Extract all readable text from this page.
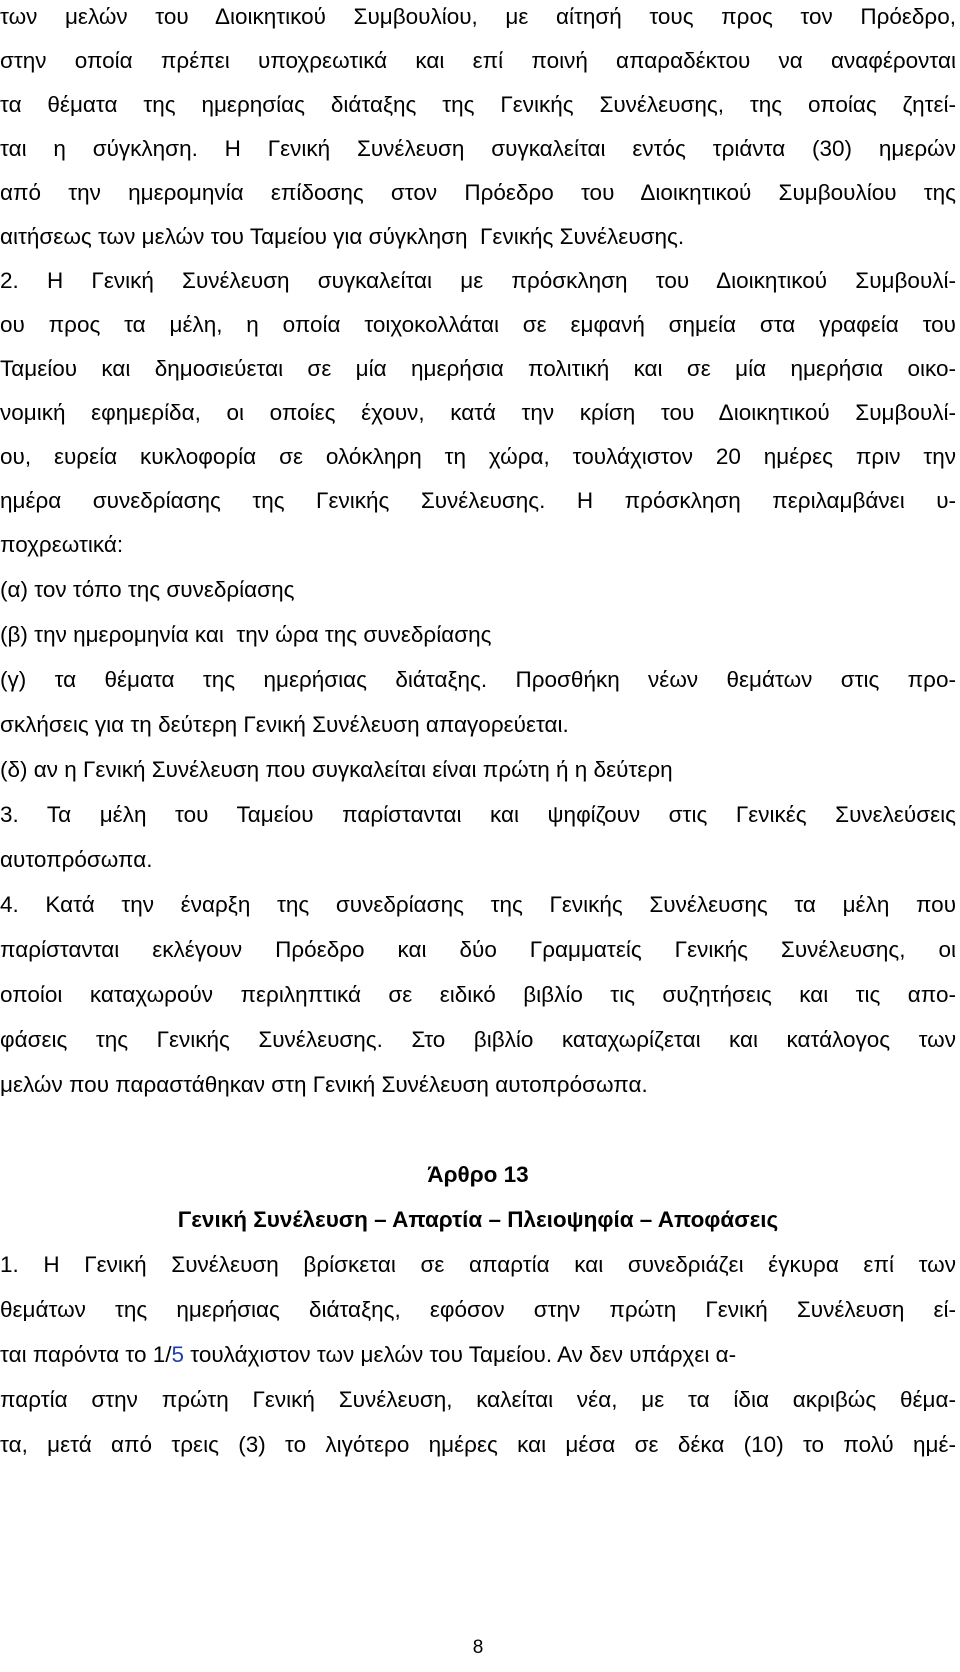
των μελών του Διοικητικού Συμβουλίου, με αίτησή τους προς τον Πρόεδρο,
στην οποία πρέπει υποχρεωτικά και επί ποινή απαραδέκτου να αναφέρονται
τα θέματα της ημερησίας διάταξης της Γενικής Συνέλευσης, της οποίας ζητεί-
ται η σύγκληση. Η Γενική Συνέλευση συγκαλείται εντός τριάντα (30) ημερών
από την ημερομηνία επίδοσης στον Πρόεδρο του Διοικητικού Συμβουλίου της
αιτήσεως των μελών του Ταμείου για σύγκληση  Γενικής Συνέλευσης.
2. Η Γενική Συνέλευση συγκαλείται με πρόσκληση του Διοικητικού Συμβουλί-
ου προς τα μέλη, η οποία τοιχοκολλάται σε εμφανή σημεία στα γραφεία του
Ταμείου και δημοσιεύεται σε μία ημερήσια πολιτική και σε μία ημερήσια οικο-
νομική εφημερίδα, οι οποίες έχουν, κατά την κρίση του Διοικητικού Συμβουλί-
ου, ευρεία κυκλοφορία σε ολόκληρη τη χώρα, τουλάχιστον 20 ημέρες πριν την
ημέρα συνεδρίασης της Γενικής Συνέλευσης. Η πρόσκληση περιλαμβάνει υ-
ποχρεωτικά:
(α) τον τόπο της συνεδρίασης
(β) την ημερομηνία και  την ώρα της συνεδρίασης
(γ) τα θέματα της ημερήσιας διάταξης. Προσθήκη νέων θεμάτων στις προ-
σκλήσεις για τη δεύτερη Γενική Συνέλευση απαγορεύεται.
(δ) αν η Γενική Συνέλευση που συγκαλείται είναι πρώτη ή η δεύτερη
3. Τα μέλη του Ταμείου παρίστανται και ψηφίζουν στις Γενικές Συνελεύσεις
αυτοπρόσωπα.
4. Κατά την έναρξη της συνεδρίασης της Γενικής Συνέλευσης τα μέλη που
παρίστανται εκλέγουν Πρόεδρο και δύο Γραμματείς Γενικής Συνέλευσης, οι
οποίοι καταχωρούν περιληπτικά σε ειδικό βιβλίο τις συζητήσεις και τις απο-
φάσεις της Γενικής Συνέλευσης. Στο βιβλίο καταχωρίζεται και κατάλογος των
μελών που παραστάθηκαν στη Γενική Συνέλευση αυτοπρόσωπα.
Άρθρο 13
Γενική Συνέλευση – Απαρτία – Πλειοψηφία – Αποφάσεις
1. Η Γενική Συνέλευση βρίσκεται σε απαρτία και συνεδριάζει έγκυρα επί των
θεμάτων της ημερήσιας διάταξης, εφόσον στην πρώτη Γενική Συνέλευση εί-
ται παρόντα το 1/5 τουλάχιστον των μελών του Ταμείου. Αν δεν υπάρχει α-
παρτία στην πρώτη Γενική Συνέλευση, καλείται νέα, με τα ίδια ακριβώς θέμα-
τα, μετά από τρεις (3) το λιγότερο ημέρες και μέσα σε δέκα (10) το πολύ ημέ-
8
